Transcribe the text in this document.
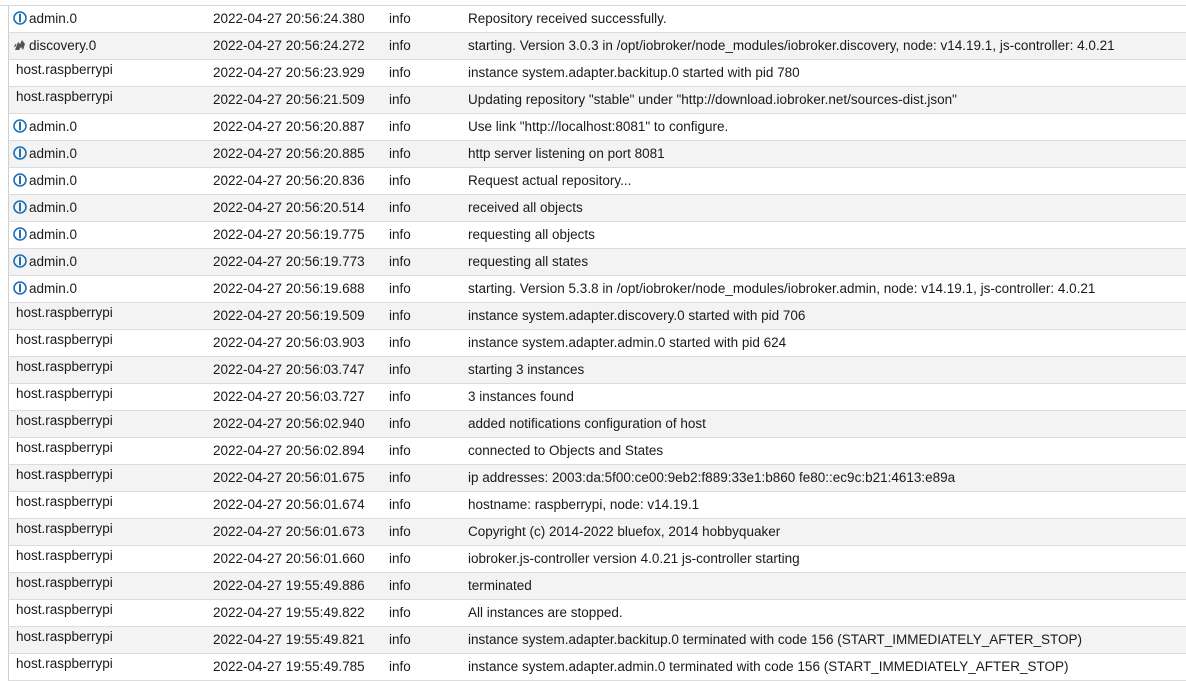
admin.0	2022-04-27 20:56:24.380	info	Repository received successfully.
discovery.0	2022-04-27 20:56:24.272	info	starting. Version 3.0.3 in /opt/iobroker/node_modules/iobroker.discovery, node: v14.19.1, js-controller: 4.0.21
host.raspberrypi	2022-04-27 20:56:23.929	info	instance system.adapter.backitup.0 started with pid 780
host.raspberrypi	2022-04-27 20:56:21.509	info	Updating repository "stable" under "http://download.iobroker.net/sources-dist.json"
admin.0	2022-04-27 20:56:20.887	info	Use link "http://localhost:8081" to configure.
admin.0	2022-04-27 20:56:20.885	info	http server listening on port 8081
admin.0	2022-04-27 20:56:20.836	info	Request actual repository...
admin.0	2022-04-27 20:56:20.514	info	received all objects
admin.0	2022-04-27 20:56:19.775	info	requesting all objects
admin.0	2022-04-27 20:56:19.773	info	requesting all states
admin.0	2022-04-27 20:56:19.688	info	starting. Version 5.3.8 in /opt/iobroker/node_modules/iobroker.admin, node: v14.19.1, js-controller: 4.0.21
host.raspberrypi	2022-04-27 20:56:19.509	info	instance system.adapter.discovery.0 started with pid 706
host.raspberrypi	2022-04-27 20:56:03.903	info	instance system.adapter.admin.0 started with pid 624
host.raspberrypi	2022-04-27 20:56:03.747	info	starting 3 instances
host.raspberrypi	2022-04-27 20:56:03.727	info	3 instances found
host.raspberrypi	2022-04-27 20:56:02.940	info	added notifications configuration of host
host.raspberrypi	2022-04-27 20:56:02.894	info	connected to Objects and States
host.raspberrypi	2022-04-27 20:56:01.675	info	ip addresses: 2003:da:5f00:ce00:9eb2:f889:33e1:b860 fe80::ec9c:b21:4613:e89a
host.raspberrypi	2022-04-27 20:56:01.674	info	hostname: raspberrypi, node: v14.19.1
host.raspberrypi	2022-04-27 20:56:01.673	info	Copyright (c) 2014-2022 bluefox, 2014 hobbyquaker
host.raspberrypi	2022-04-27 20:56:01.660	info	iobroker.js-controller version 4.0.21 js-controller starting
host.raspberrypi	2022-04-27 19:55:49.886	info	terminated
host.raspberrypi	2022-04-27 19:55:49.822	info	All instances are stopped.
host.raspberrypi	2022-04-27 19:55:49.821	info	instance system.adapter.backitup.0 terminated with code 156 (START_IMMEDIATELY_AFTER_STOP)
host.raspberrypi	2022-04-27 19:55:49.785	info	instance system.adapter.admin.0 terminated with code 156 (START_IMMEDIATELY_AFTER_STOP)
